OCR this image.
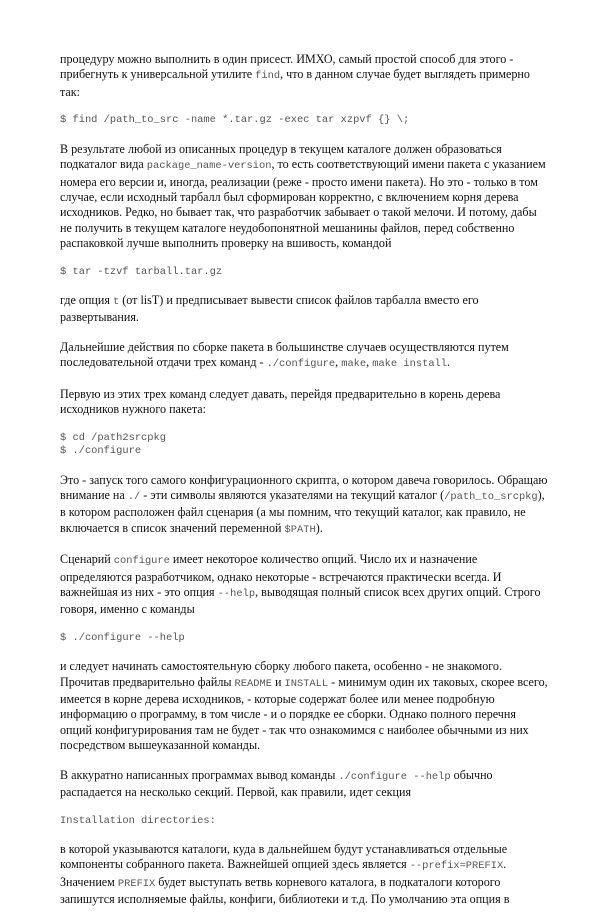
процедуру можно выполнить в один присест. ИМХО, самый простой способ для этого - прибегнуть к универсальной утилите find, что в данном случае будет выглядеть примерно так:

$ find /path_to_src -name *.tar.gz -exec tar xzpvf {} \;

В результате любой из описанных процедур в текущем каталоге должен образоваться подкаталог вида package_name-version, то есть соответствующий имени пакета с указанием номера его версии и, иногда, реализации (реже - просто имени пакета). Но это - только в том случае, если исходный тарбалл был сформирован корректно, с включением корня дерева исходников. Редко, но бывает так, что разработчик забывает о такой мелочи. И потому, дабы не получить в текущем каталоге неудобопонятной мешанины файлов, перед собственно распаковкой лучше выполнить проверку на вшивость, командой

$ tar -tzvf tarball.tar.gz

где опция t (от lisT) и предписывает вывести список файлов тарбалла вместо его развертывания.

Дальнейшие действия по сборке пакета в большинстве случаев осуществляются путем последовательной отдачи трех команд - ./configure, make, make install.

Первую из этих трех команд следует давать, перейдя предварительно в корень дерева исходников нужного пакета:

$ cd /path2srcpkg
$ ./configure

Это - запуск того самого конфигурационного скрипта, о котором давеча говорилось. Обращаю внимание на ./ - эти символы являются указателями на текущий каталог (/path_to_srcpkg), в котором расположен файл сценария (а мы помним, что текущий каталог, как правило, не включается в список значений переменной $PATH).

Сценарий configure имеет некоторое количество опций. Число их и назначение определяются разработчиком, однако некоторые - встречаются практически всегда. И важнейшая из них - это опция --help, выводящая полный список всех других опций. Строго говоря, именно с команды

$ ./configure --help

и следует начинать самостоятельную сборку любого пакета, особенно - не знакомого. Прочитав предварительно файлы README и INSTALL - минимум один их таковых, скорее всего, имеется в корне дерева исходников, - которые содержат более или менее подробную информацию о программу, в том числе - и о порядке ее сборки. Однако полного перечня опций конфигурирования там не будет - так что ознакомимся с наиболее обычными из них посредством вышеуказанной команды.

В аккуратно написанных программах вывод команды ./configure --help обычно распадается на несколько секций. Первой, как правили, идет секция

Installation directories:

в которой указываются каталоги, куда в дальнейшем будут устанавливаться отдельные компоненты собранного пакета. Важнейшей опцией здесь является --prefix=PREFIX. Значением PREFIX будет выступать ветвь корневого каталога, в подкаталоги которого запишутся исполняемые файлы, конфиги, библиотеки и т.д. По умолчанию эта опция в
